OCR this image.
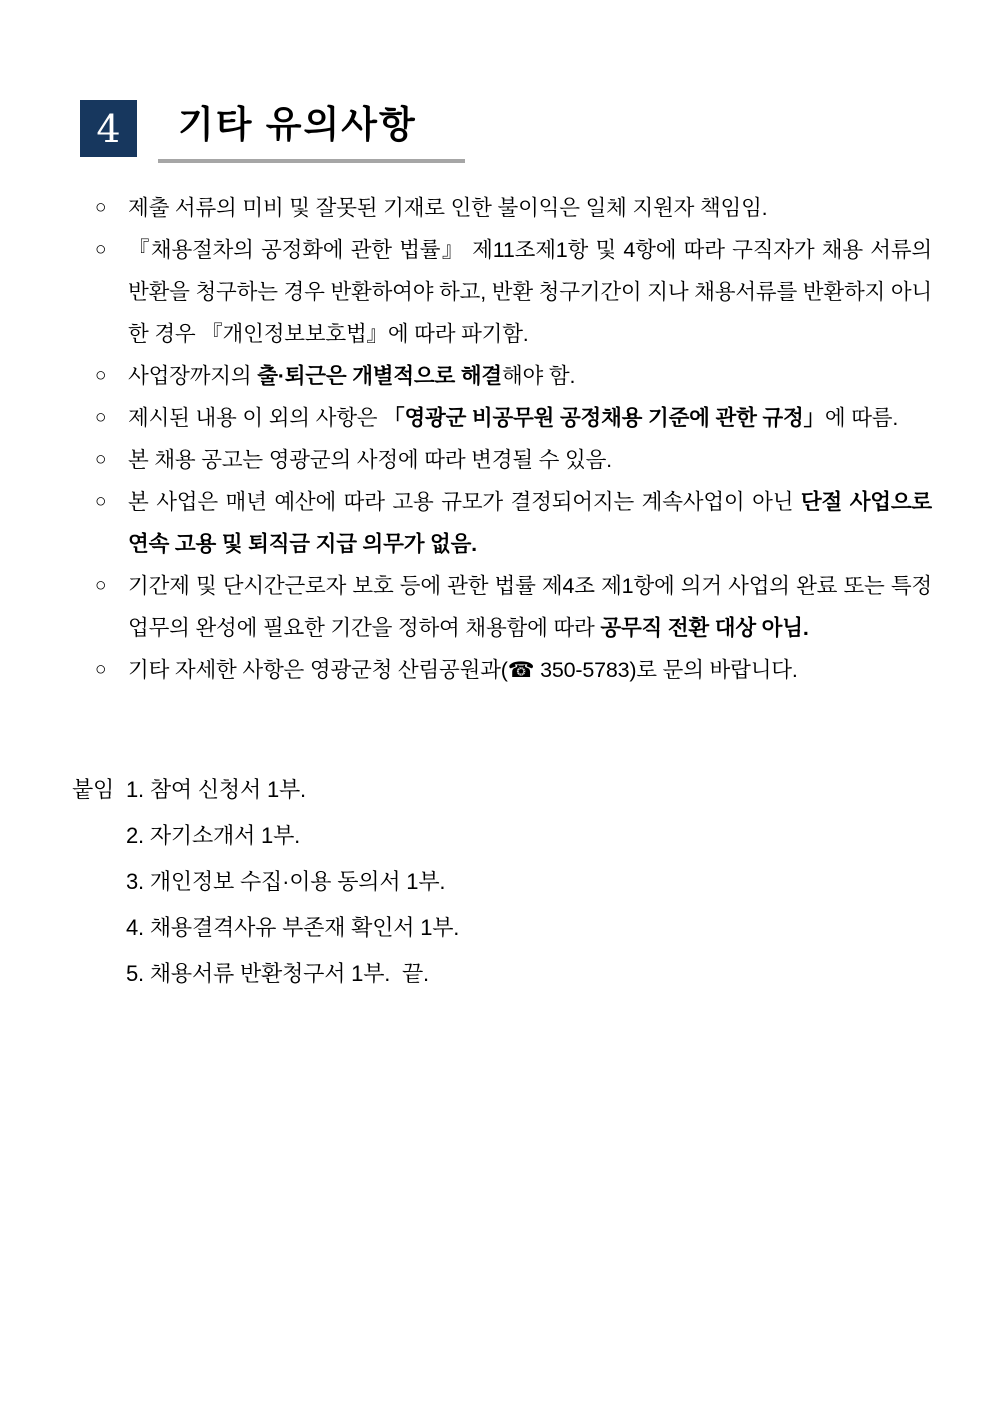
4	기타 유의사항
○	제출 서류의 미비 및 잘못된 기재로 인한 불이익은 일체 지원자 책임임.
○	『채용절차의 공정화에 관한 법률』 제11조제1항 및 4항에 따라 구직자가 채용 서류의 반환을 청구하는 경우 반환하여야 하고, 반환 청구기간이 지나 채용서류를 반환하지 아니한 경우 『개인정보보호법』에 따라 파기함.
○	사업장까지의 출·퇴근은 개별적으로 해결해야 함.
○	제시된 내용 이 외의 사항은 「영광군 비공무원 공정채용 기준에 관한 규정」에 따름.
○	본 채용 공고는 영광군의 사정에 따라 변경될 수 있음.
○	본 사업은 매년 예산에 따라 고용 규모가 결정되어지는 계속사업이 아닌 단절 사업으로 연속 고용 및 퇴직금 지급 의무가 없음.
○	기간제 및 단시간근로자 보호 등에 관한 법률 제4조 제1항에 의거 사업의 완료 또는 특정업무의 완성에 필요한 기간을 정하여 채용함에 따라 공무직 전환 대상 아님.
○	기타 자세한 사항은 영광군청 산림공원과(☎ 350-5783)로 문의 바랍니다.
붙임 1. 참여 신청서 1부.
2. 자기소개서 1부.
3. 개인정보 수집·이용 동의서 1부.
4. 채용결격사유 부존재 확인서 1부.
5. 채용서류 반환청구서 1부.  끝.
